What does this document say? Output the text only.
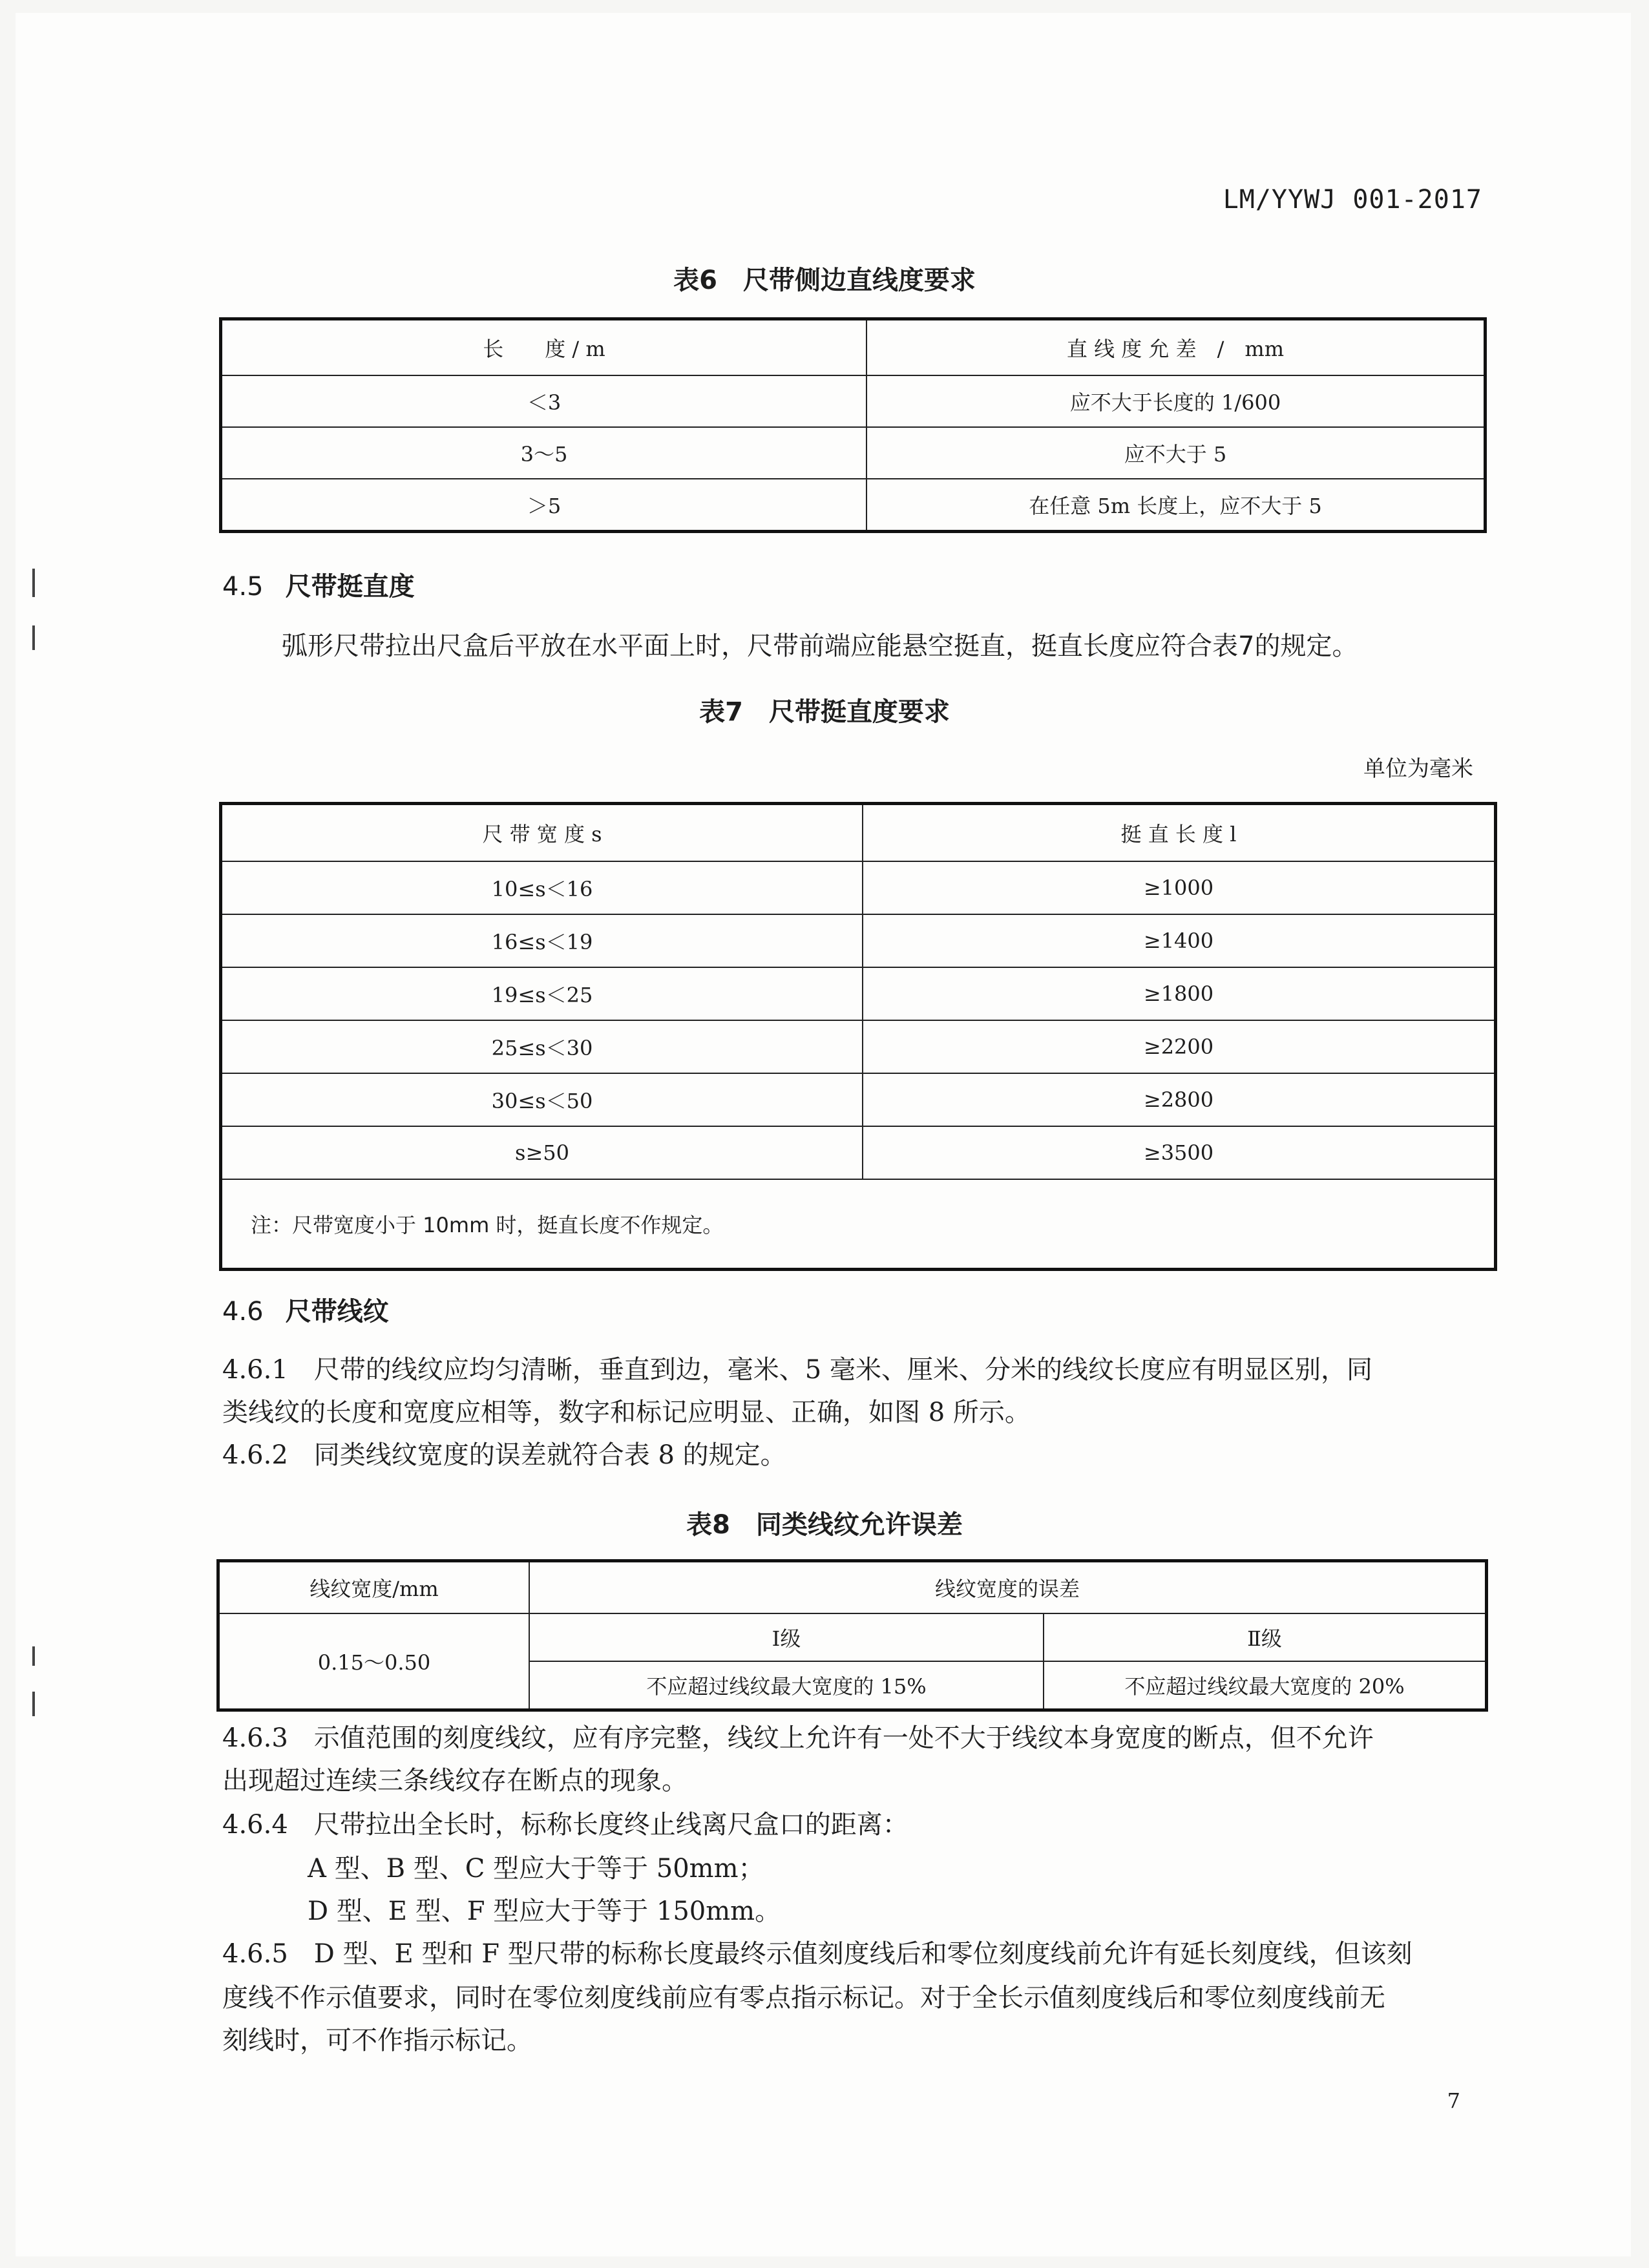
LM/YYWJ 001-2017
表6　尺带侧边直线度要求
长　　度 / m	直 线 度 允 差　/　mm
＜3	应不大于长度的 1/600
3～5	应不大于 5
＞5	在任意 5m 长度上，应不大于 5
4.5 尺带挺直度
弧形尺带拉出尺盒后平放在水平面上时，尺带前端应能悬空挺直，挺直长度应符合表7的规定。
表7　尺带挺直度要求
单位为毫米
尺 带 宽 度 s	挺 直 长 度 l
10≤s＜16	≥1000
16≤s＜19	≥1400
19≤s＜25	≥1800
25≤s＜30	≥2200
30≤s＜50	≥2800
s≥50	≥3500
注：尺带宽度小于 10mm 时，挺直长度不作规定。	
4.6 尺带线纹
4.6.1　尺带的线纹应均匀清晰，垂直到边，毫米、5 毫米、厘米、分米的线纹长度应有明显区别，同
类线纹的长度和宽度应相等，数字和标记应明显、正确，如图 8 所示。
4.6.2　同类线纹宽度的误差就符合表 8 的规定。
表8　同类线纹允许误差
线纹宽度/mm	线纹宽度的误差	
0.15～0.50	Ⅰ级	Ⅱ级
	不应超过线纹最大宽度的 15%	不应超过线纹最大宽度的 20%
4.6.3　示值范围的刻度线纹，应有序完整，线纹上允许有一处不大于线纹本身宽度的断点，但不允许
出现超过连续三条线纹存在断点的现象。
4.6.4　尺带拉出全长时，标称长度终止线离尺盒口的距离：
A 型、B 型、C 型应大于等于 50mm；
D 型、E 型、F 型应大于等于 150mm。
4.6.5　D 型、E 型和 F 型尺带的标称长度最终示值刻度线后和零位刻度线前允许有延长刻度线，但该刻
度线不作示值要求，同时在零位刻度线前应有零点指示标记。对于全长示值刻度线后和零位刻度线前无
刻线时，可不作指示标记。
7
